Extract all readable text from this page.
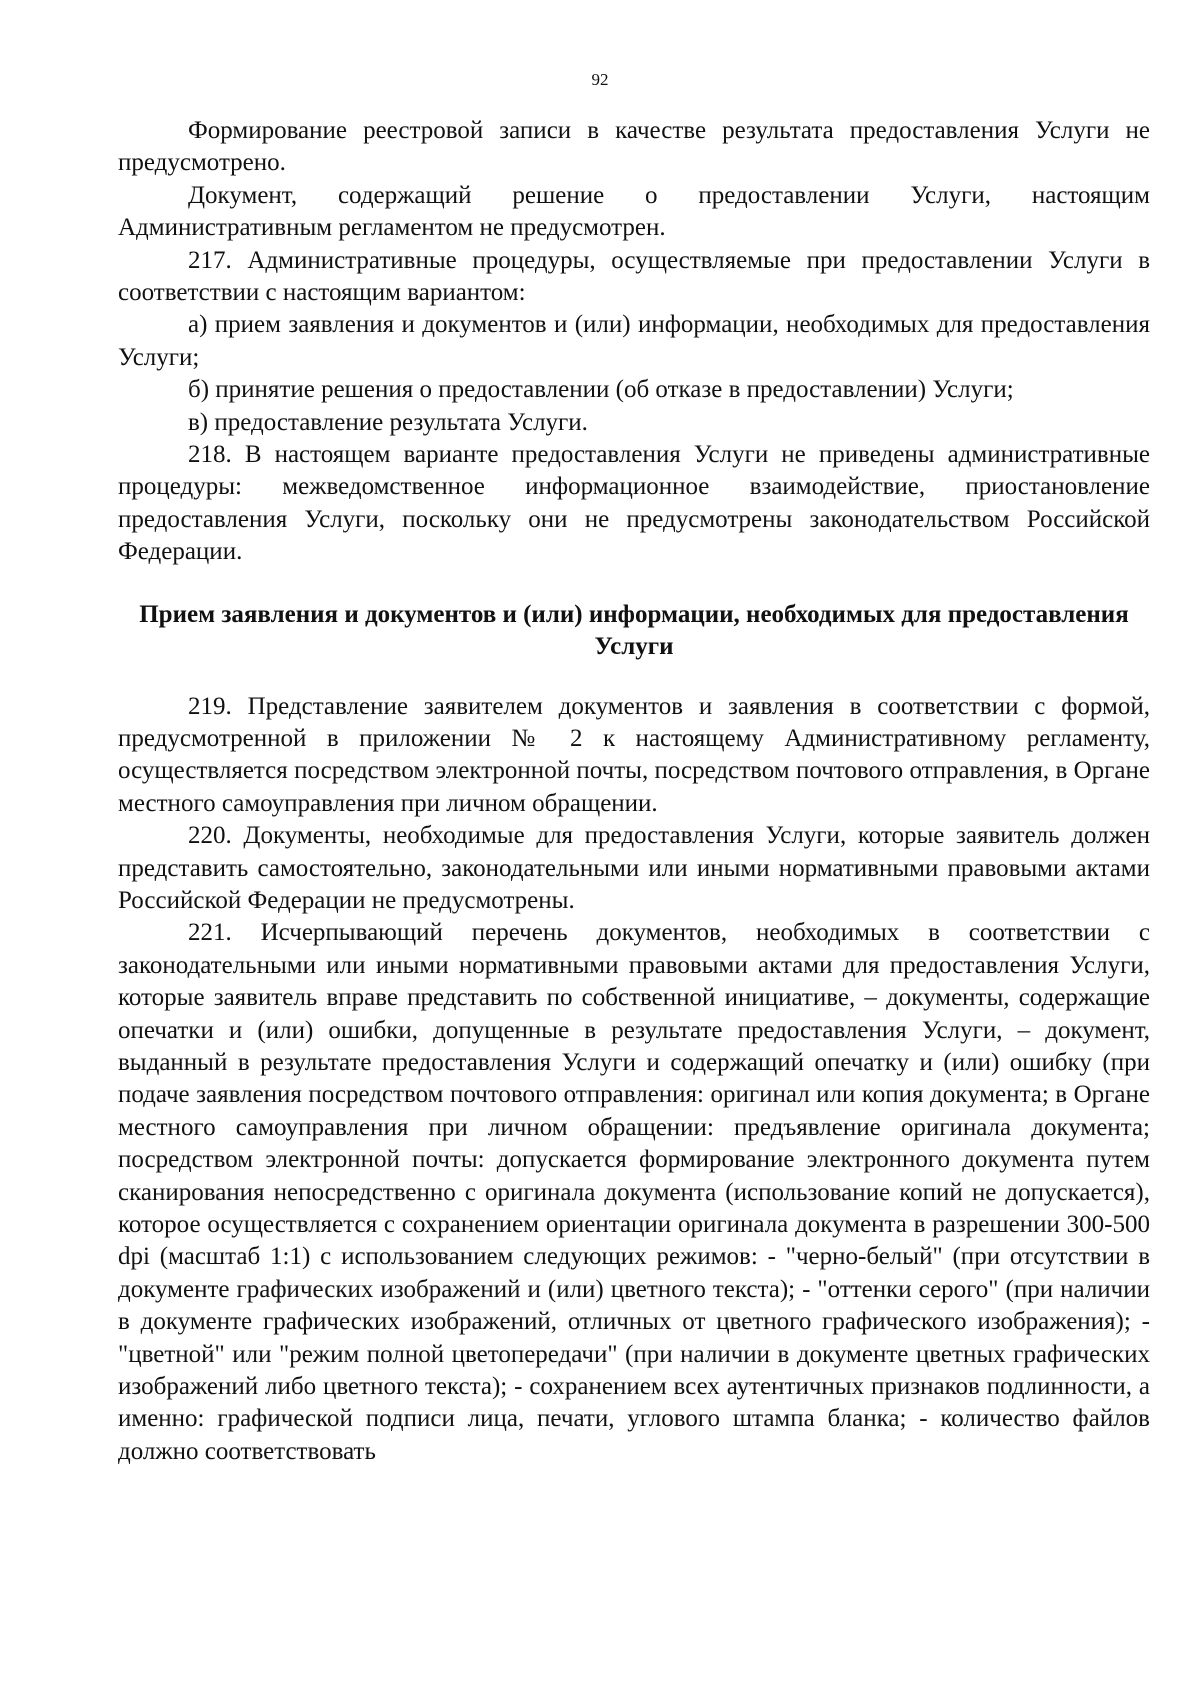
92

Формирование реестровой записи в качестве результата предоставления Услуги не предусмотрено.

Документ, содержащий решение о предоставлении Услуги, настоящим Административным регламентом не предусмотрен.

217. Административные процедуры, осуществляемые при предоставлении Услуги в соответствии с настоящим вариантом:

а) прием заявления и документов и (или) информации, необходимых для предоставления Услуги;

б) принятие решения о предоставлении (об отказе в предоставлении) Услуги;

в) предоставление результата Услуги.

218. В настоящем варианте предоставления Услуги не приведены административные процедуры: межведомственное информационное взаимодействие, приостановление предоставления Услуги, поскольку они не предусмотрены законодательством Российской Федерации.

Прием заявления и документов и (или) информации, необходимых для предоставления Услуги

219. Представление заявителем документов и заявления в соответствии с формой, предусмотренной в приложении № 2 к настоящему Административному регламенту, осуществляется посредством электронной почты, посредством почтового отправления, в Органе местного самоуправления при личном обращении.

220. Документы, необходимые для предоставления Услуги, которые заявитель должен представить самостоятельно, законодательными или иными нормативными правовыми актами Российской Федерации не предусмотрены.

221. Исчерпывающий перечень документов, необходимых в соответствии с законодательными или иными нормативными правовыми актами для предоставления Услуги, которые заявитель вправе представить по собственной инициативе, – документы, содержащие опечатки и (или) ошибки, допущенные в результате предоставления Услуги, – документ, выданный в результате предоставления Услуги и содержащий опечатку и (или) ошибку (при подаче заявления посредством почтового отправления: оригинал или копия документа; в Органе местного самоуправления при личном обращении: предъявление оригинала документа; посредством электронной почты: допускается формирование электронного документа путем сканирования непосредственно с оригинала документа (использование копий не допускается), которое осуществляется с сохранением ориентации оригинала документа в разрешении 300-500 dpi (масштаб 1:1) с использованием следующих режимов: - "черно-белый" (при отсутствии в документе графических изображений и (или) цветного текста); - "оттенки серого" (при наличии в документе графических изображений, отличных от цветного графического изображения); - "цветной" или "режим полной цветопередачи" (при наличии в документе цветных графических изображений либо цветного текста); - сохранением всех аутентичных признаков подлинности, а именно: графической подписи лица, печати, углового штампа бланка; - количество файлов должно соответствовать
